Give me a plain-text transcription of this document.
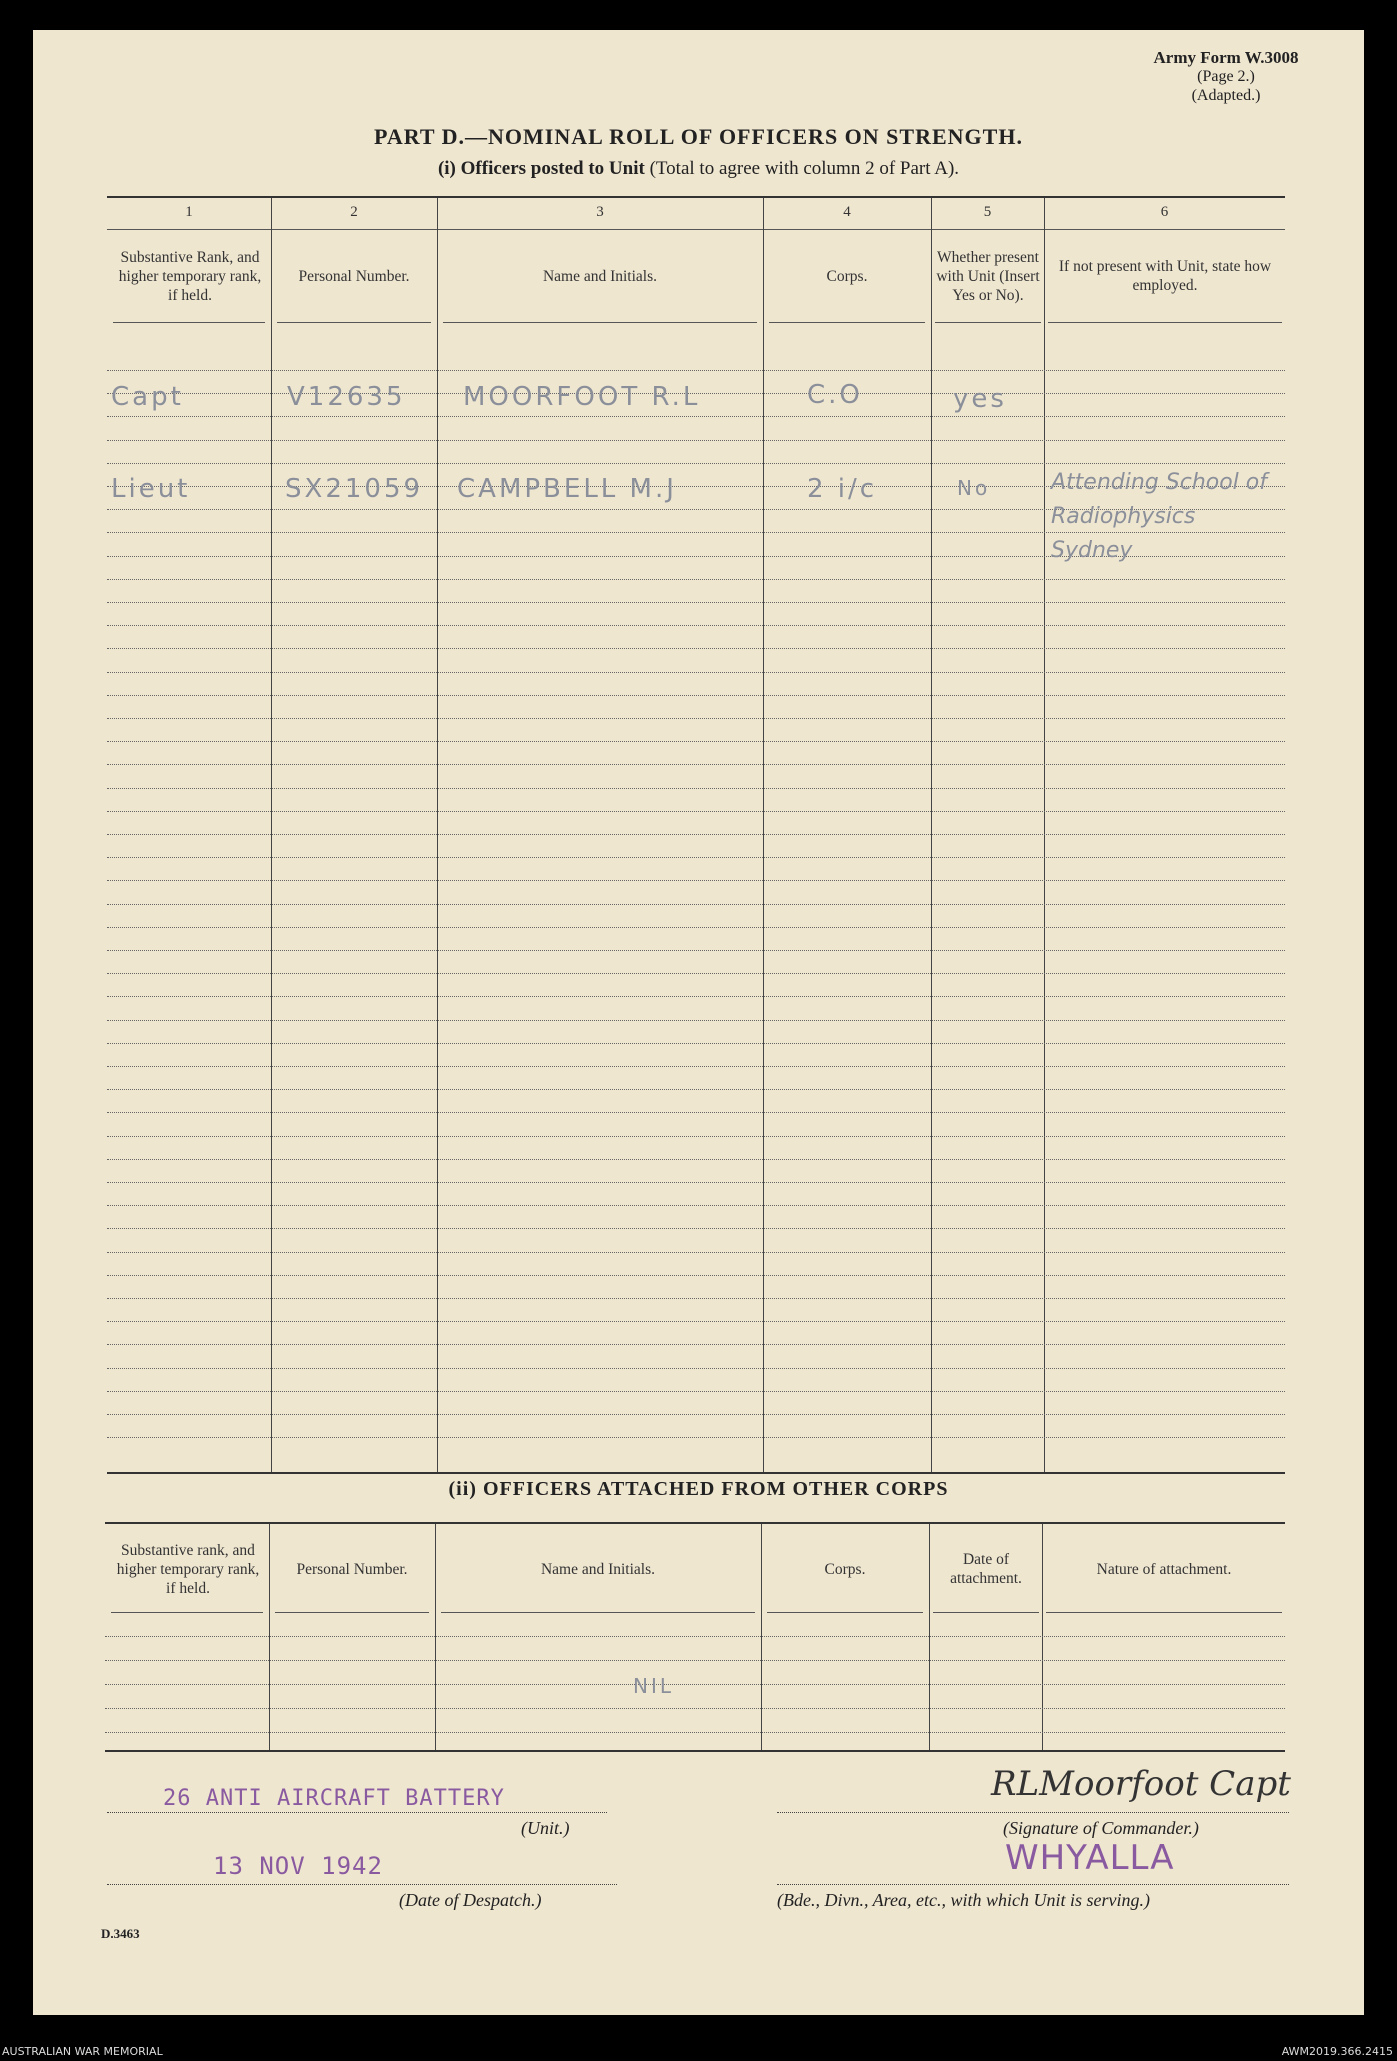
Army Form W.3008
(Page 2.)
(Adapted.)
PART D.—NOMINAL ROLL OF OFFICERS ON STRENGTH.
(i) Officers posted to Unit (Total to agree with column 2 of Part A).
1	2	3	4	5	6
Substantive Rank, and higher temporary rank, if held.
Personal Number.	Name and Initials.	Corps.
Whether present with Unit (Insert Yes or No).
If not present with Unit, state how employed.
Capt	V12635 MOORFOOT R.L	C.O	yes
Lieut	SX21059 CAMPBELL M.J	2 i/c	No	Attending School of Radiophysics Sydney
(ii) OFFICERS ATTACHED FROM OTHER CORPS
Substantive rank, and higher temporary rank, if held.
Personal Number.	Name and Initials.	Corps.
Date of attachment.
Nature of attachment.
NIL
26 ANTI AIRCRAFT BATTERY
(Unit.)
13 NOV 1942
(Date of Despatch.)
RLMoorfoot Capt
(Signature of Commander.)
WHYALLA
(Bde., Divn., Area, etc., with which Unit is serving.)
D.3463
AUSTRALIAN WAR MEMORIAL	AWM2019.366.2415
